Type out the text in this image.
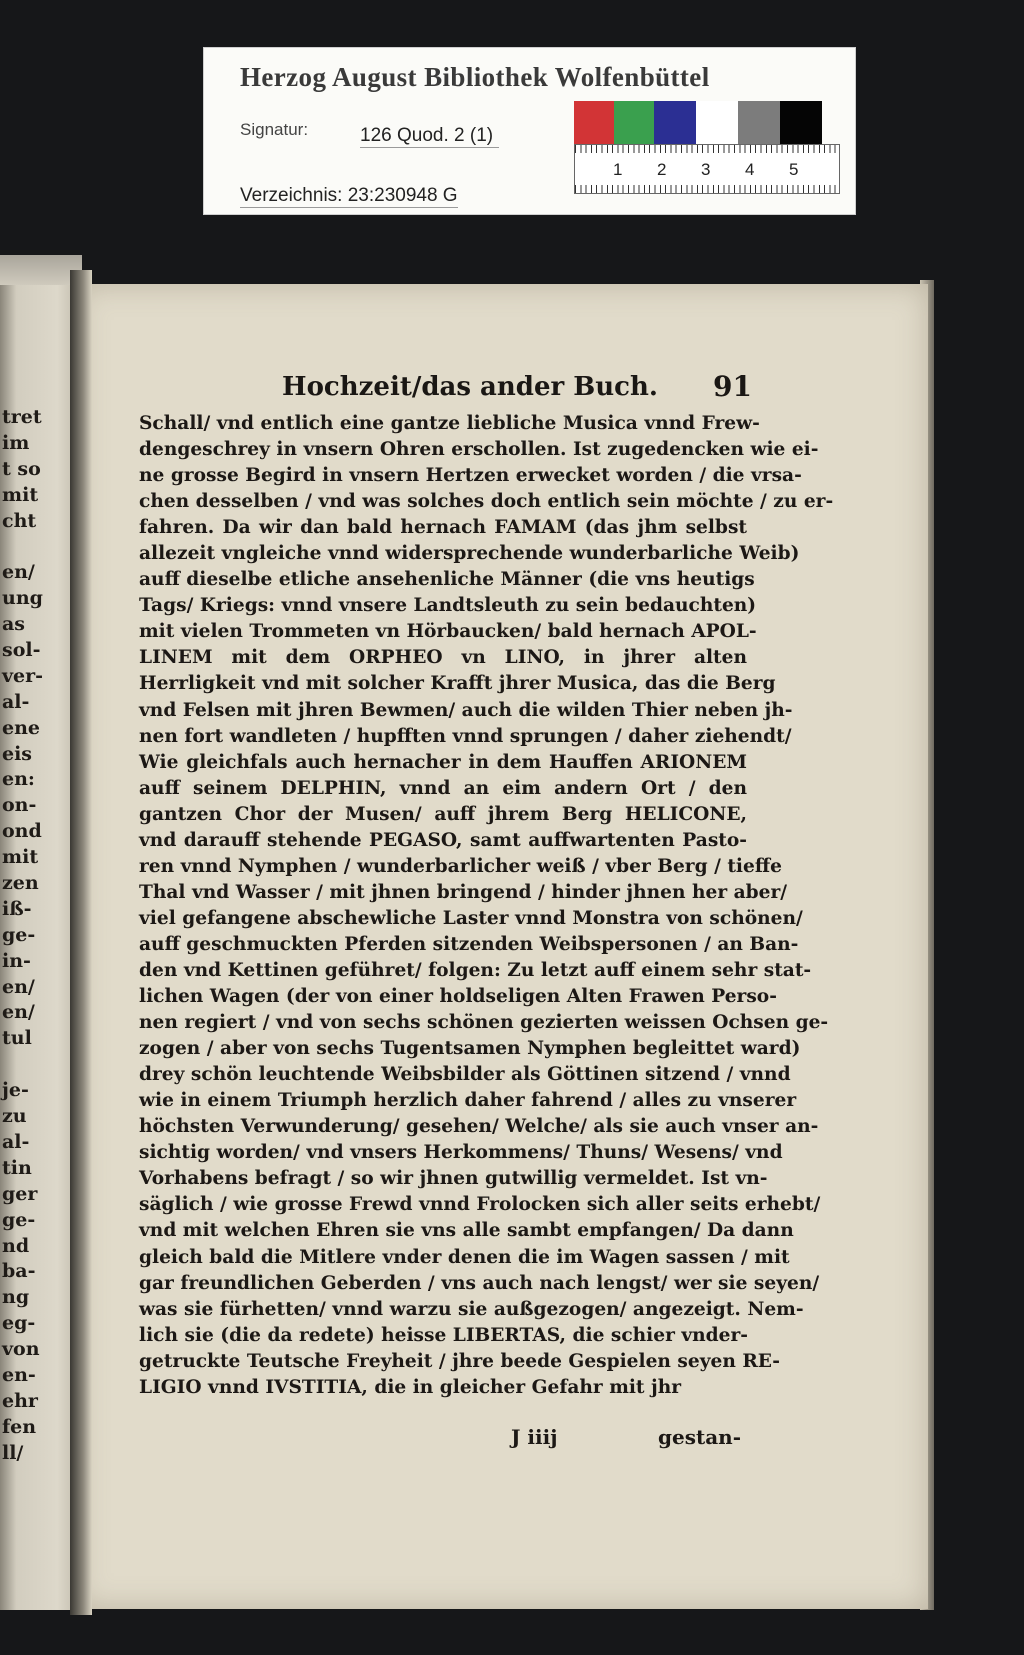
tret
im
t so
mit
cht
en/
ung
as
sol-
ver-
al-
ene
eis
en:
on-
ond
mit
zen
iß-
ge-
in-
en/
en/
tul
je-
zu
al-
tin
ger
ge-
nd
ba-
ng
eg-
von
en-
ehr
fen
ll/
Herzog August Bibliothek Wolfenbüttel
Signatur:	126 Quod. 2 (1)
Verzeichnis: 23:230948 G
1 2 3 4 5
Hochzeit/das ander Buch. 91
Schall/ vnd entlich eine gantze liebliche Musica vnnd Frew-
dengeschrey in vnsern Ohren erschollen. Ist zugedencken wie ei-
ne grosse Begird in vnsern Hertzen erwecket worden / die vrsa-
chen desselben / vnd was solches doch entlich sein möchte / zu er-
fahren. Da wir dan bald hernach FAMAM (das jhm selbst
allezeit vngleiche vnnd widersprechende wunderbarliche Weib)
auff dieselbe etliche ansehenliche Männer (die vns heutigs
Tags/ Kriegs: vnnd vnsere Landtsleuth zu sein bedauchten)
mit vielen Trommeten vn Hörbaucken/ bald hernach APOL-
LINEM mit dem ORPHEO vn LINO, in jhrer alten
Herrligkeit vnd mit solcher Krafft jhrer Musica, das die Berg
vnd Felsen mit jhren Bewmen/ auch die wilden Thier neben jh-
nen fort wandleten / hupfften vnnd sprungen / daher ziehendt/
Wie gleichfals auch hernacher in dem Hauffen ARIONEM
auff seinem DELPHIN, vnnd an eim andern Ort / den
gantzen Chor der Musen/ auff jhrem Berg HELICONE,
vnd darauff stehende PEGASO, samt auffwartenten Pasto-
ren vnnd Nymphen / wunderbarlicher weiß / vber Berg / tieffe
Thal vnd Wasser / mit jhnen bringend / hinder jhnen her aber/
viel gefangene abschewliche Laster vnnd Monstra von schönen/
auff geschmuckten Pferden sitzenden Weibspersonen / an Ban-
den vnd Kettinen geführet/ folgen: Zu letzt auff einem sehr stat-
lichen Wagen (der von einer holdseligen Alten Frawen Perso-
nen regiert / vnd von sechs schönen gezierten weissen Ochsen ge-
zogen / aber von sechs Tugentsamen Nymphen begleittet ward)
drey schön leuchtende Weibsbilder als Göttinen sitzend / vnnd
wie in einem Triumph herzlich daher fahrend / alles zu vnserer
höchsten Verwunderung/ gesehen/ Welche/ als sie auch vnser an-
sichtig worden/ vnd vnsers Herkommens/ Thuns/ Wesens/ vnd
Vorhabens befragt / so wir jhnen gutwillig vermeldet. Ist vn-
säglich / wie grosse Frewd vnnd Frolocken sich aller seits erhebt/
vnd mit welchen Ehren sie vns alle sambt empfangen/ Da dann
gleich bald die Mitlere vnder denen die im Wagen sassen / mit
gar freundlichen Geberden / vns auch nach lengst/ wer sie seyen/
was sie fürhetten/ vnnd warzu sie außgezogen/ angezeigt. Nem-
lich sie (die da redete) heisse LIBERTAS, die schier vnder-
getruckte Teutsche Freyheit / jhre beede Gespielen seyen RE-
LIGIO vnnd IVSTITIA, die in gleicher Gefahr mit jhr
J iiij	gestan-
